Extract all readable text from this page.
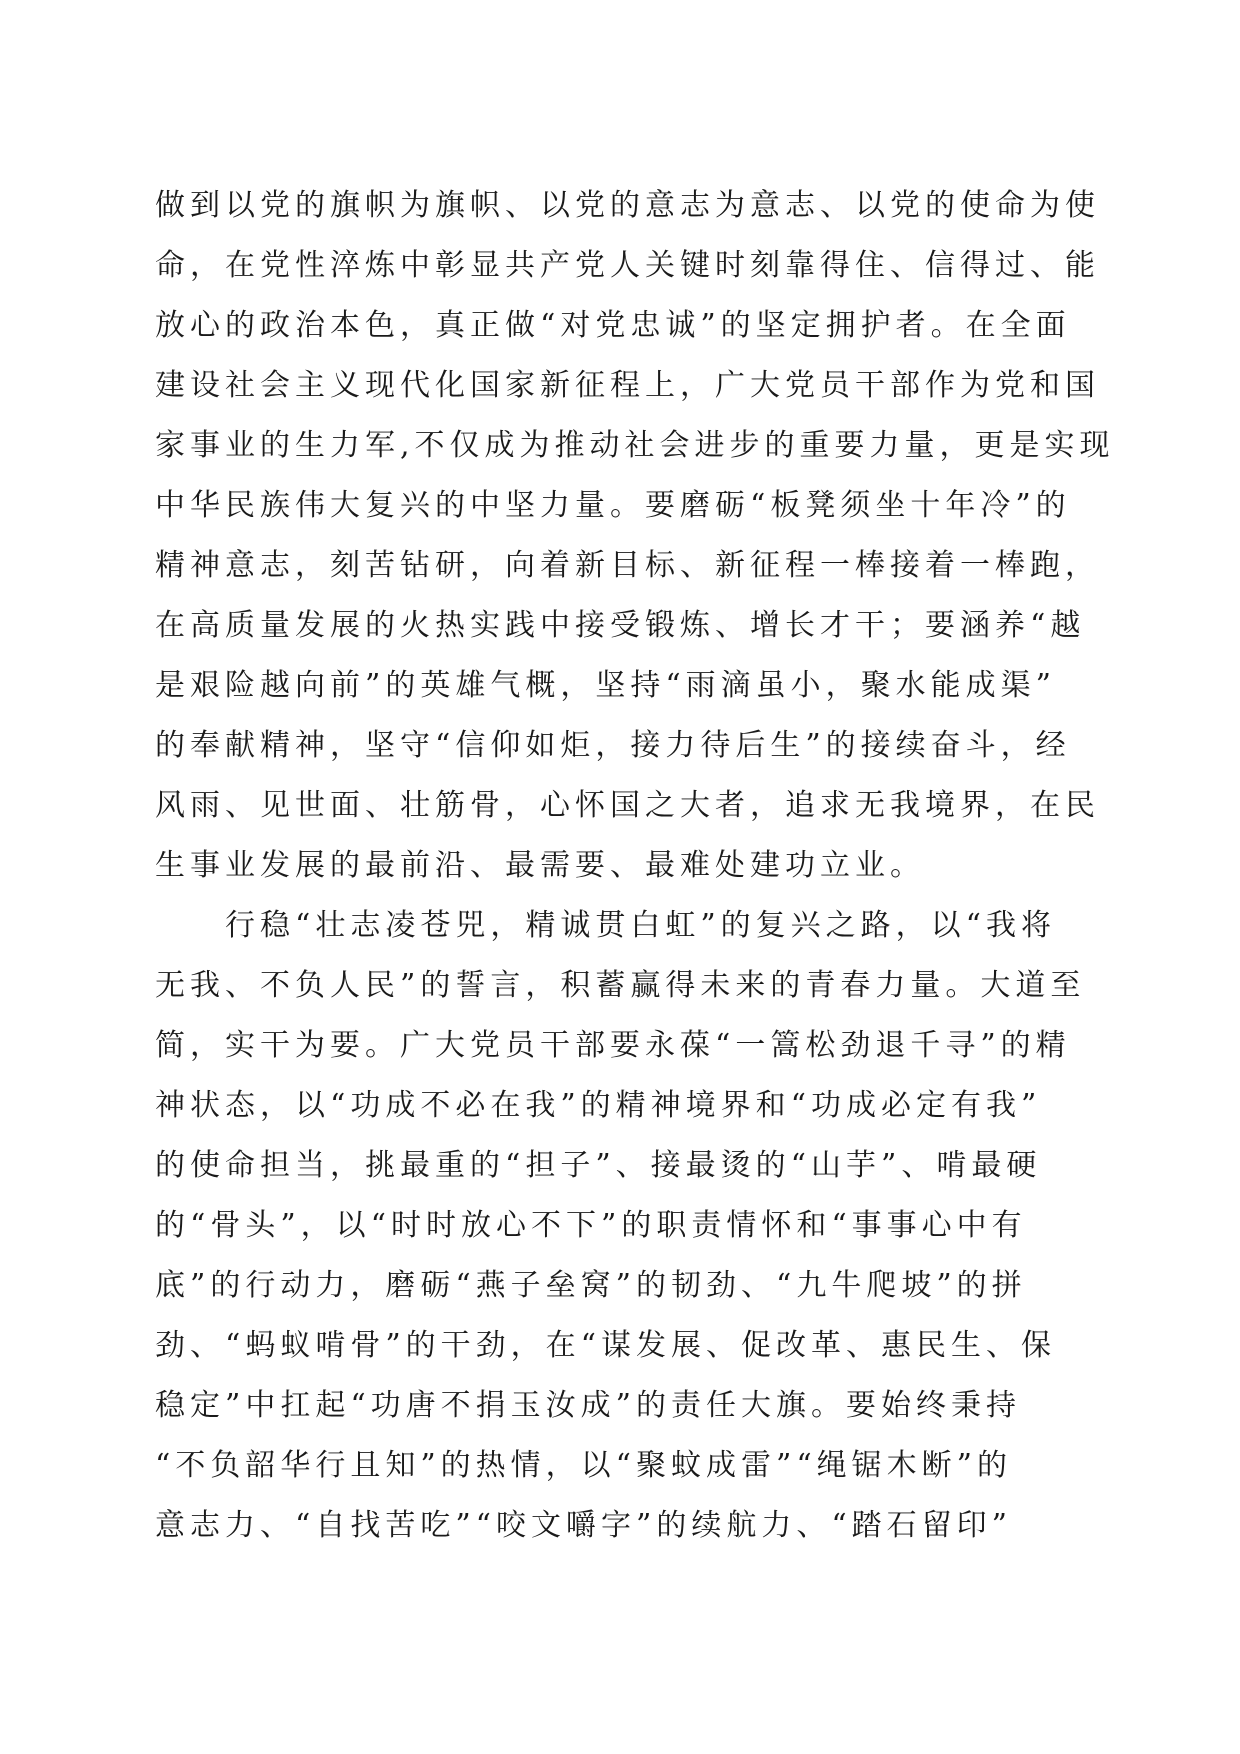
做到以党的旗帜为旗帜、以党的意志为意志、以党的使命为使
命，在党性淬炼中彰显共产党人关键时刻靠得住、信得过、能
放心的政治本色，真正做“对党忠诚”的坚定拥护者。在全面
建设社会主义现代化国家新征程上，广大党员干部作为党和国
家事业的生力军,不仅成为推动社会进步的重要力量，更是实现
中华民族伟大复兴的中坚力量。要磨砺“板凳须坐十年冷”的
精神意志，刻苦钻研，向着新目标、新征程一棒接着一棒跑，
在高质量发展的火热实践中接受锻炼、增长才干；要涵养“越
是艰险越向前”的英雄气概，坚持“雨滴虽小，聚水能成渠”
的奉献精神，坚守“信仰如炬，接力待后生”的接续奋斗，经
风雨、见世面、壮筋骨，心怀国之大者，追求无我境界，在民
生事业发展的最前沿、最需要、最难处建功立业。
行稳“壮志凌苍兕，精诚贯白虹”的复兴之路，以“我将
无我、不负人民”的誓言，积蓄赢得未来的青春力量。大道至
简，实干为要。广大党员干部要永葆“一篙松劲退千寻”的精
神状态，以“功成不必在我”的精神境界和“功成必定有我”
的使命担当，挑最重的“担子”、接最烫的“山芋”、啃最硬
的“骨头”，以“时时放心不下”的职责情怀和“事事心中有
底”的行动力，磨砺“燕子垒窝”的韧劲、“九牛爬坡”的拼
劲、“蚂蚁啃骨”的干劲，在“谋发展、促改革、惠民生、保
稳定”中扛起“功唐不捐玉汝成”的责任大旗。要始终秉持
“不负韶华行且知”的热情，以“聚蚊成雷”“绳锯木断”的
意志力、“自找苦吃”“咬文嚼字”的续航力、“踏石留印”
